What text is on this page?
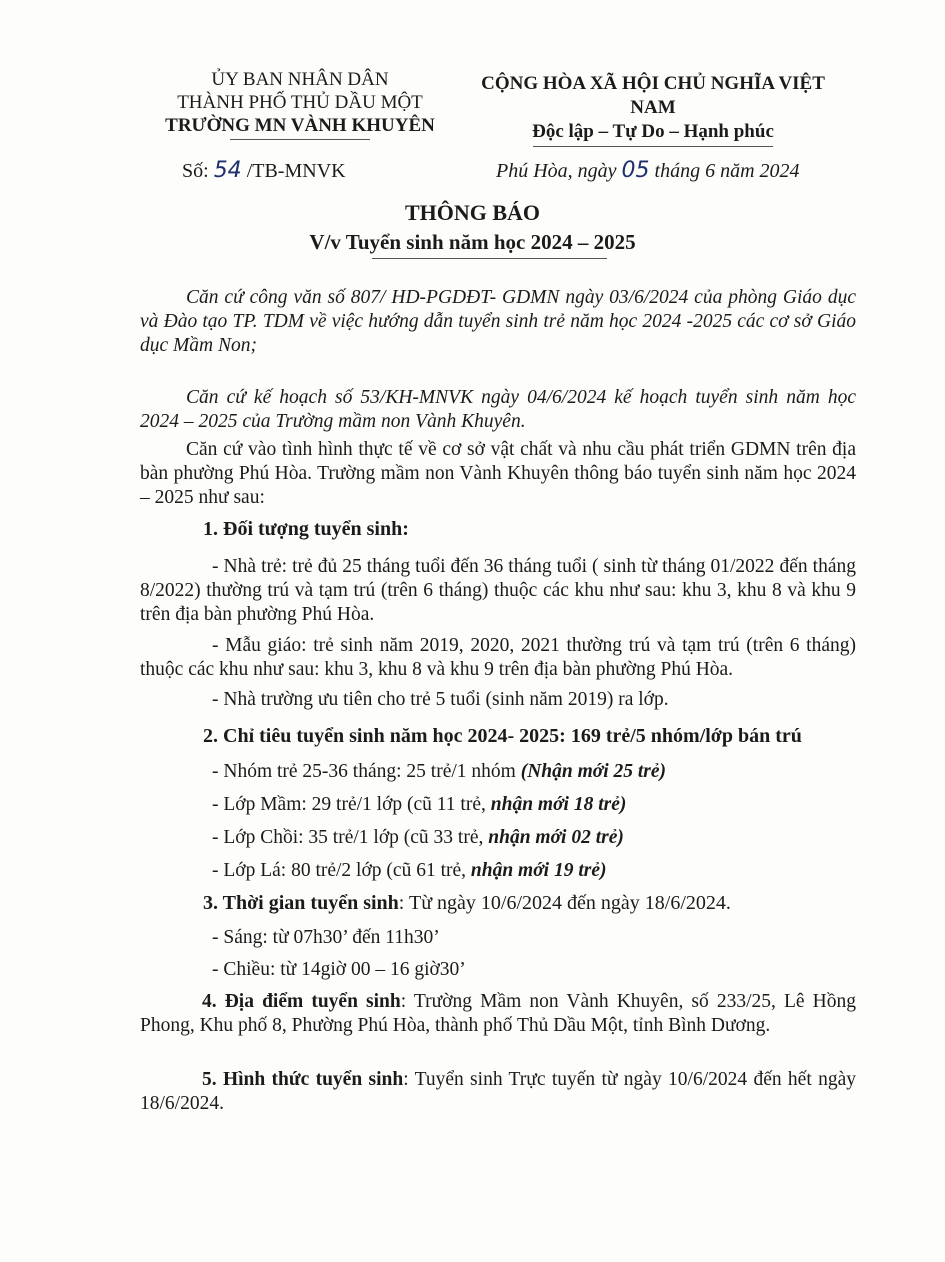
ỦY BAN NHÂN DÂN
THÀNH PHỐ THỦ DẦU MỘT
TRƯỜNG MN VÀNH KHUYÊN
CỘNG HÒA XÃ HỘI CHỦ NGHĨA VIỆT NAM
Độc lập – Tự Do – Hạnh phúc
Số: 54 /TB-MNVK	Phú Hòa, ngày 05 tháng 6 năm 2024
THÔNG BÁO
V/v Tuyển sinh năm học 2024 – 2025
Căn cứ công văn số 807/ HD-PGDĐT- GDMN ngày 03/6/2024 của phòng Giáo dục và Đào tạo TP. TDM về việc hướng dẫn tuyển sinh trẻ năm học 2024 -2025 các cơ sở Giáo dục Mầm Non;
Căn cứ kế hoạch số 53/KH-MNVK ngày 04/6/2024 kế hoạch tuyển sinh năm học 2024 – 2025 của Trường mầm non Vành Khuyên.
Căn cứ vào tình hình thực tế về cơ sở vật chất và nhu cầu phát triển GDMN trên địa bàn phường Phú Hòa. Trường mầm non Vành Khuyên thông báo tuyển sinh năm học 2024 – 2025 như sau:
1. Đối tượng tuyển sinh:
- Nhà trẻ: trẻ đủ 25 tháng tuổi đến 36 tháng tuổi ( sinh từ tháng 01/2022 đến tháng 8/2022) thường trú và tạm trú (trên 6 tháng) thuộc các khu như sau: khu 3, khu 8 và khu 9 trên địa bàn phường Phú Hòa.
- Mẫu giáo: trẻ sinh năm 2019, 2020, 2021 thường trú và tạm trú (trên 6 tháng) thuộc các khu như sau: khu 3, khu 8 và khu 9 trên địa bàn phường Phú Hòa.
- Nhà trường ưu tiên cho trẻ 5 tuổi (sinh năm 2019) ra lớp.
2. Chỉ tiêu tuyển sinh năm học 2024- 2025: 169 trẻ/5 nhóm/lớp bán trú
- Nhóm trẻ 25-36 tháng: 25 trẻ/1 nhóm (Nhận mới 25 trẻ)
- Lớp Mầm: 29 trẻ/1 lớp (cũ 11 trẻ, nhận mới 18 trẻ)
- Lớp Chồi: 35 trẻ/1 lớp (cũ 33 trẻ, nhận mới 02 trẻ)
- Lớp Lá: 80 trẻ/2 lớp (cũ 61 trẻ, nhận mới 19 trẻ)
3. Thời gian tuyển sinh: Từ ngày 10/6/2024 đến ngày 18/6/2024.
- Sáng: từ 07h30’ đến 11h30’
- Chiều: từ 14giờ 00 – 16 giờ30’
4. Địa điểm tuyển sinh: Trường Mầm non Vành Khuyên, số 233/25, Lê Hồng Phong, Khu phố 8, Phường Phú Hòa, thành phố Thủ Dầu Một, tỉnh Bình Dương.
5. Hình thức tuyển sinh: Tuyển sinh Trực tuyến từ ngày 10/6/2024 đến hết ngày 18/6/2024.
